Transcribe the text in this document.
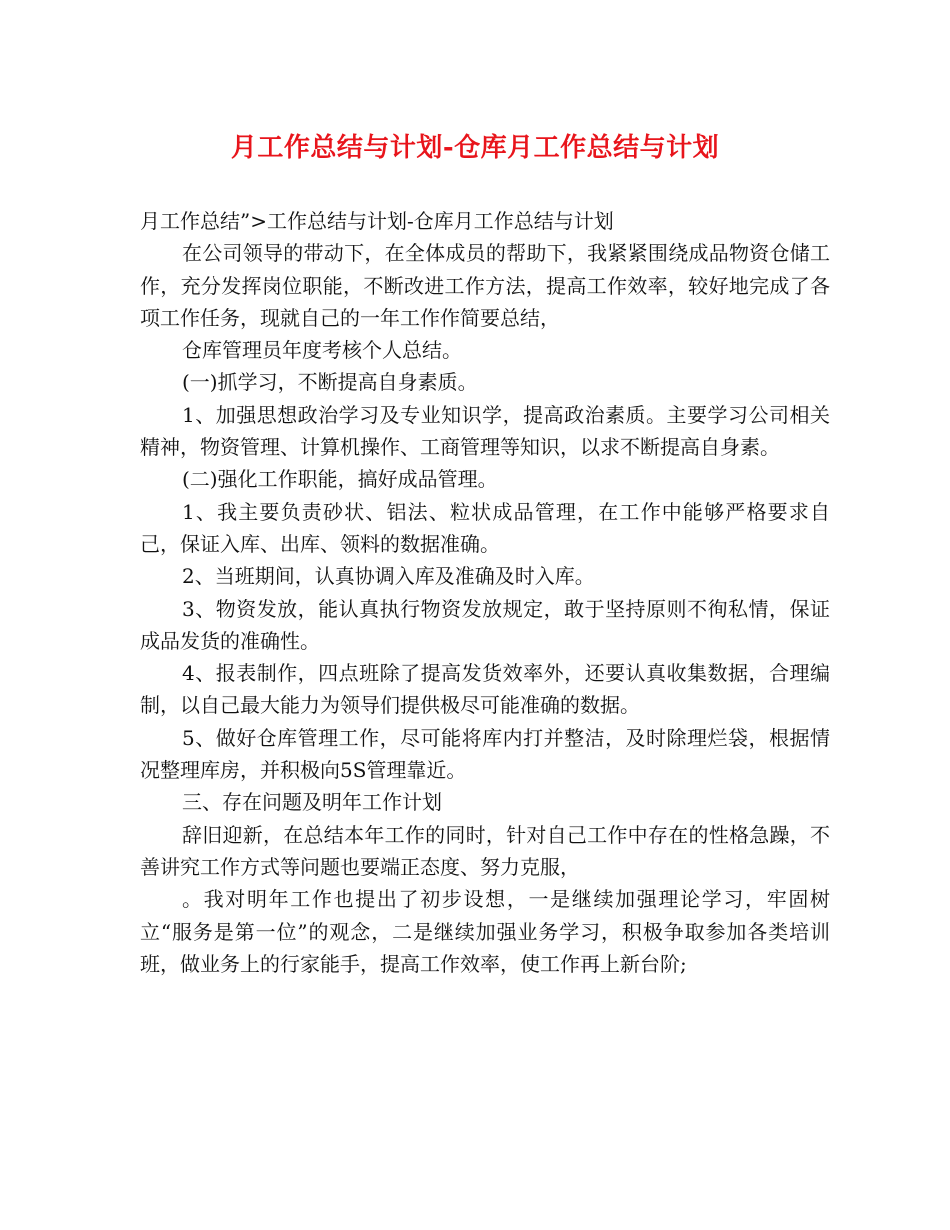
月工作总结与计划-仓库月工作总结与计划

月工作总结”>工作总结与计划-仓库月工作总结与计划

在公司领导的带动下，在全体成员的帮助下，我紧紧围绕成品物资仓储工作，充分发挥岗位职能，不断改进工作方法，提高工作效率，较好地完成了各项工作任务，现就自己的一年工作作简要总结，

仓库管理员年度考核个人总结。

(一)抓学习，不断提高自身素质。

1、加强思想政治学习及专业知识学，提高政治素质。主要学习公司相关精神，物资管理、计算机操作、工商管理等知识，以求不断提高自身素。

(二)强化工作职能，搞好成品管理。

1、我主要负责砂状、铝法、粒状成品管理，在工作中能够严格要求自己，保证入库、出库、领料的数据准确。

2、当班期间，认真协调入库及准确及时入库。

3、物资发放，能认真执行物资发放规定，敢于坚持原则不徇私情，保证成品发货的准确性。

4、报表制作，四点班除了提高发货效率外，还要认真收集数据，合理编制，以自己最大能力为领导们提供极尽可能准确的数据。

5、做好仓库管理工作，尽可能将库内打并整洁，及时除理烂袋，根据情况整理库房，并积极向5S管理靠近。

三、存在问题及明年工作计划

辞旧迎新，在总结本年工作的同时，针对自己工作中存在的性格急躁，不善讲究工作方式等问题也要端正态度、努力克服，

。我对明年工作也提出了初步设想，一是继续加强理论学习，牢固树立“服务是第一位”的观念，二是继续加强业务学习，积极争取参加各类培训班，做业务上的行家能手，提高工作效率，使工作再上新台阶;
